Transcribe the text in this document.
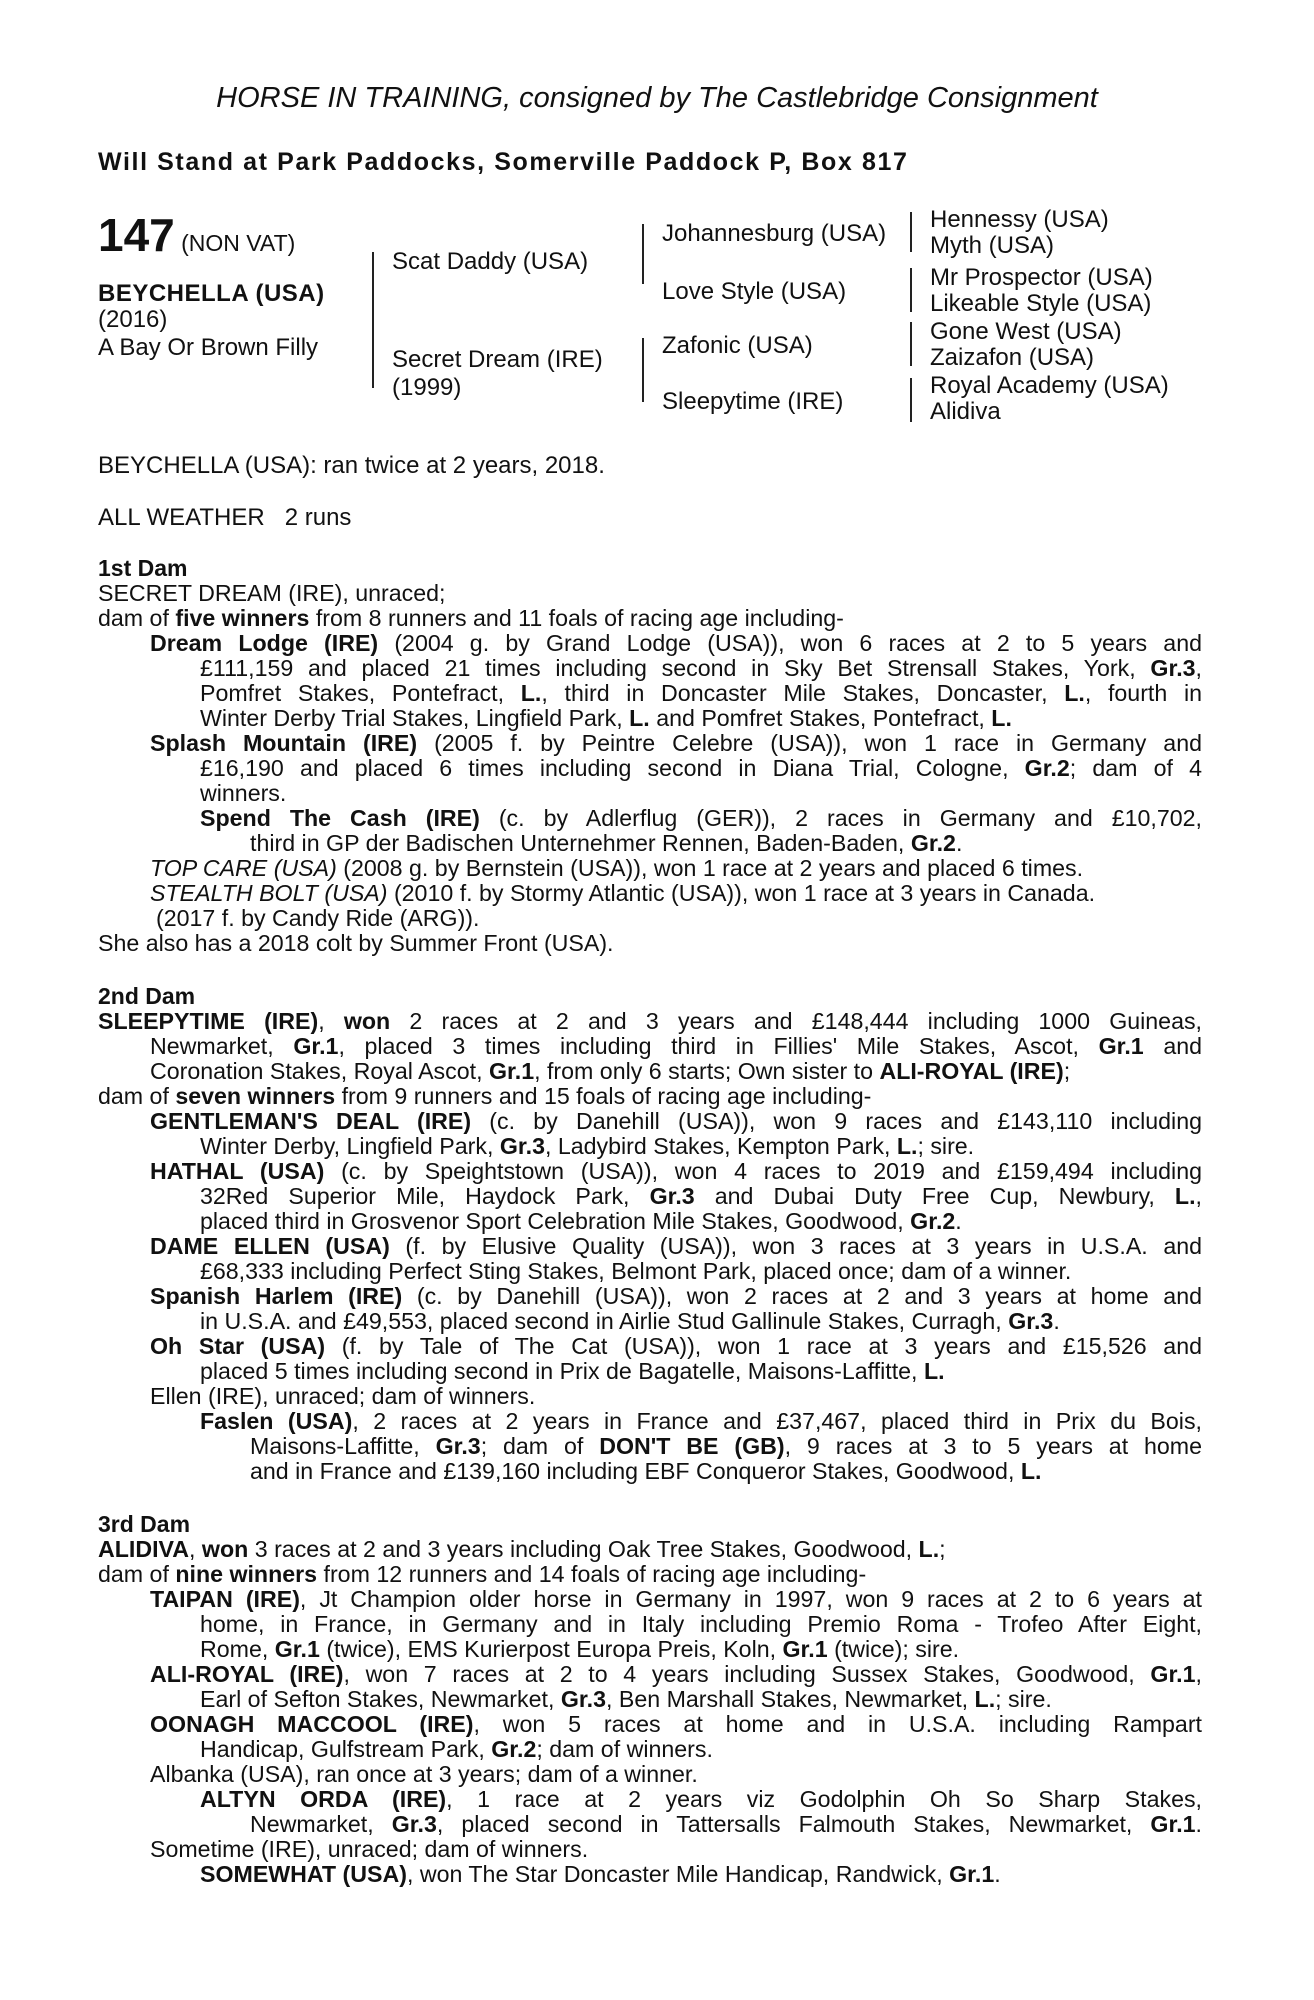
HORSE IN TRAINING, consigned by The Castlebridge Consignment
Will Stand at Park Paddocks, Somerville Paddock P, Box 817
147 (NON VAT)
BEYCHELLA (USA)
(2016)
A Bay Or Brown Filly
Scat Daddy (USA)
Secret Dream (IRE)
(1999)
Johannesburg (USA)
Love Style (USA)
Zafonic (USA)
Sleepytime (IRE)
Hennessy (USA)
Myth (USA)
Mr Prospector (USA)
Likeable Style (USA)
Gone West (USA)
Zaizafon (USA)
Royal Academy (USA)
Alidiva
BEYCHELLA (USA): ran twice at 2 years, 2018.
ALL WEATHER 2 runs
1st Dam
SECRET DREAM (IRE), unraced;
dam of five winners from 8 runners and 11 foals of racing age including-
Dream Lodge (IRE) (2004 g. by Grand Lodge (USA)), won 6 races at 2 to 5 years and
£111,159 and placed 21 times including second in Sky Bet Strensall Stakes, York, Gr.3,
Pomfret Stakes, Pontefract, L., third in Doncaster Mile Stakes, Doncaster, L., fourth in
Winter Derby Trial Stakes, Lingfield Park, L. and Pomfret Stakes, Pontefract, L.
Splash Mountain (IRE) (2005 f. by Peintre Celebre (USA)), won 1 race in Germany and
£16,190 and placed 6 times including second in Diana Trial, Cologne, Gr.2; dam of 4
winners.
Spend The Cash (IRE) (c. by Adlerflug (GER)), 2 races in Germany and £10,702,
third in GP der Badischen Unternehmer Rennen, Baden-Baden, Gr.2.
TOP CARE (USA) (2008 g. by Bernstein (USA)), won 1 race at 2 years and placed 6 times.
STEALTH BOLT (USA) (2010 f. by Stormy Atlantic (USA)), won 1 race at 3 years in Canada.
(2017 f. by Candy Ride (ARG)).
She also has a 2018 colt by Summer Front (USA).
2nd Dam
SLEEPYTIME (IRE), won 2 races at 2 and 3 years and £148,444 including 1000 Guineas,
Newmarket, Gr.1, placed 3 times including third in Fillies' Mile Stakes, Ascot, Gr.1 and
Coronation Stakes, Royal Ascot, Gr.1, from only 6 starts; Own sister to ALI-ROYAL (IRE);
dam of seven winners from 9 runners and 15 foals of racing age including-
GENTLEMAN'S DEAL (IRE) (c. by Danehill (USA)), won 9 races and £143,110 including
Winter Derby, Lingfield Park, Gr.3, Ladybird Stakes, Kempton Park, L.; sire.
HATHAL (USA) (c. by Speightstown (USA)), won 4 races to 2019 and £159,494 including
32Red Superior Mile, Haydock Park, Gr.3 and Dubai Duty Free Cup, Newbury, L.,
placed third in Grosvenor Sport Celebration Mile Stakes, Goodwood, Gr.2.
DAME ELLEN (USA) (f. by Elusive Quality (USA)), won 3 races at 3 years in U.S.A. and
£68,333 including Perfect Sting Stakes, Belmont Park, placed once; dam of a winner.
Spanish Harlem (IRE) (c. by Danehill (USA)), won 2 races at 2 and 3 years at home and
in U.S.A. and £49,553, placed second in Airlie Stud Gallinule Stakes, Curragh, Gr.3.
Oh Star (USA) (f. by Tale of The Cat (USA)), won 1 race at 3 years and £15,526 and
placed 5 times including second in Prix de Bagatelle, Maisons-Laffitte, L.
Ellen (IRE), unraced; dam of winners.
Faslen (USA), 2 races at 2 years in France and £37,467, placed third in Prix du Bois,
Maisons-Laffitte, Gr.3; dam of DON'T BE (GB), 9 races at 3 to 5 years at home
and in France and £139,160 including EBF Conqueror Stakes, Goodwood, L.
3rd Dam
ALIDIVA, won 3 races at 2 and 3 years including Oak Tree Stakes, Goodwood, L.;
dam of nine winners from 12 runners and 14 foals of racing age including-
TAIPAN (IRE), Jt Champion older horse in Germany in 1997, won 9 races at 2 to 6 years at
home, in France, in Germany and in Italy including Premio Roma - Trofeo After Eight,
Rome, Gr.1 (twice), EMS Kurierpost Europa Preis, Koln, Gr.1 (twice); sire.
ALI-ROYAL (IRE), won 7 races at 2 to 4 years including Sussex Stakes, Goodwood, Gr.1,
Earl of Sefton Stakes, Newmarket, Gr.3, Ben Marshall Stakes, Newmarket, L.; sire.
OONAGH MACCOOL (IRE), won 5 races at home and in U.S.A. including Rampart
Handicap, Gulfstream Park, Gr.2; dam of winners.
Albanka (USA), ran once at 3 years; dam of a winner.
ALTYN ORDA (IRE), 1 race at 2 years viz Godolphin Oh So Sharp Stakes,
Newmarket, Gr.3, placed second in Tattersalls Falmouth Stakes, Newmarket, Gr.1.
Sometime (IRE), unraced; dam of winners.
SOMEWHAT (USA), won The Star Doncaster Mile Handicap, Randwick, Gr.1.
